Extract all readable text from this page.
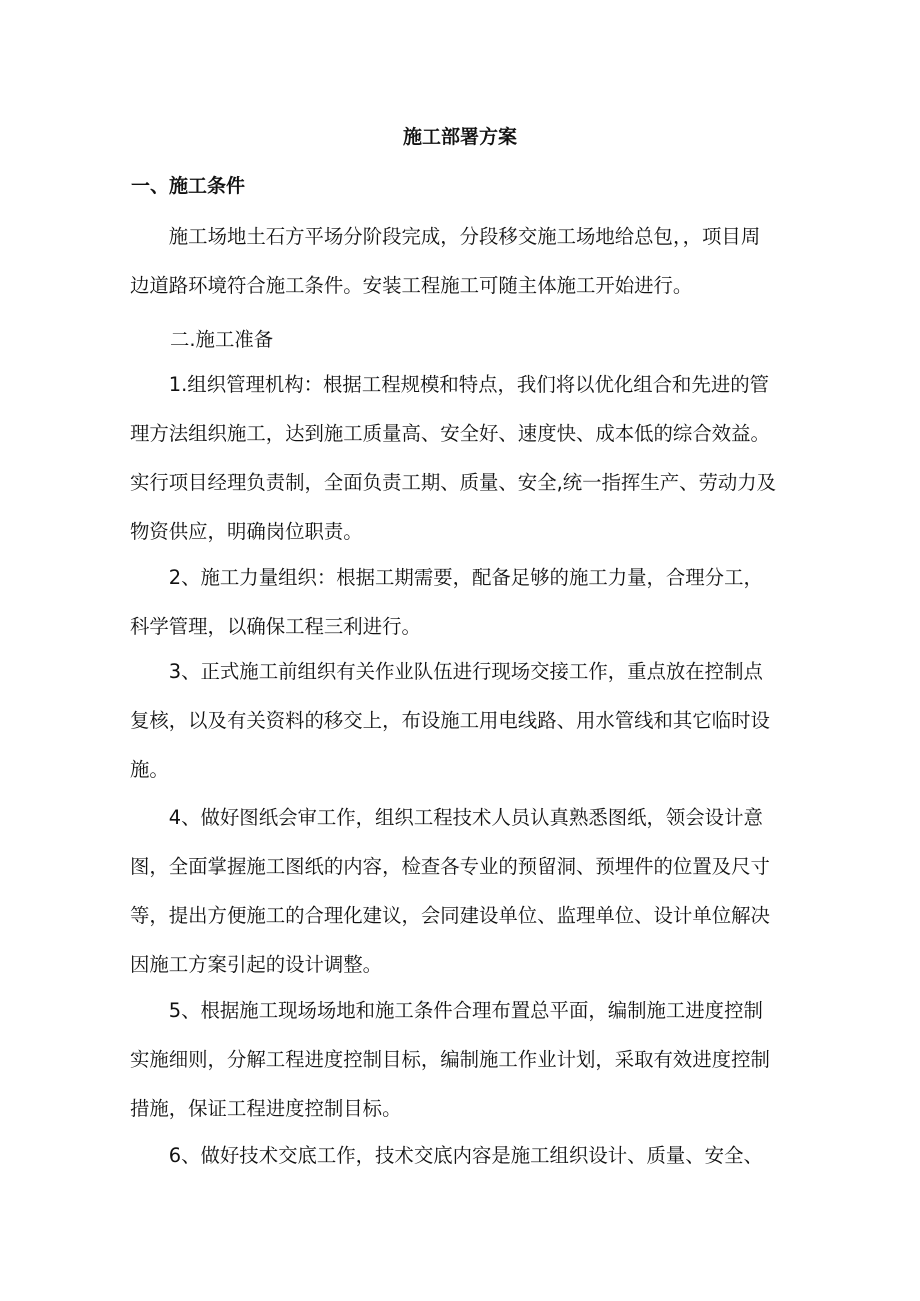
施工部署方案
一、施工条件

施工场地土石方平场分阶段完成，分段移交施工场地给总包，，项目周
边道路环境符合施工条件。安装工程施工可随主体施工开始进行。

二.施工准备

1.组织管理机构：根据工程规模和特点，我们将以优化组合和先进的管
理方法组织施工，达到施工质量高、安全好、速度快、成本低的综合效益。
实行项目经理负责制，全面负责工期、质量、安全,统一指挥生产、劳动力及
物资供应，明确岗位职责。

2、施工力量组织：根据工期需要，配备足够的施工力量，合理分工，
科学管理，以确保工程三利进行。

3、正式施工前组织有关作业队伍进行现场交接工作，重点放在控制点
复核，以及有关资料的移交上，布设施工用电线路、用水管线和其它临时设
施。

4、做好图纸会审工作，组织工程技术人员认真熟悉图纸，领会设计意
图，全面掌握施工图纸的内容，检查各专业的预留洞、预埋件的位置及尺寸
等，提出方便施工的合理化建议，会同建设单位、监理单位、设计单位解决
因施工方案引起的设计调整。

5、根据施工现场场地和施工条件合理布置总平面，编制施工进度控制
实施细则，分解工程进度控制目标，编制施工作业计划，采取有效进度控制
措施，保证工程进度控制目标。

6、做好技术交底工作，技术交底内容是施工组织设计、质量、安全、
